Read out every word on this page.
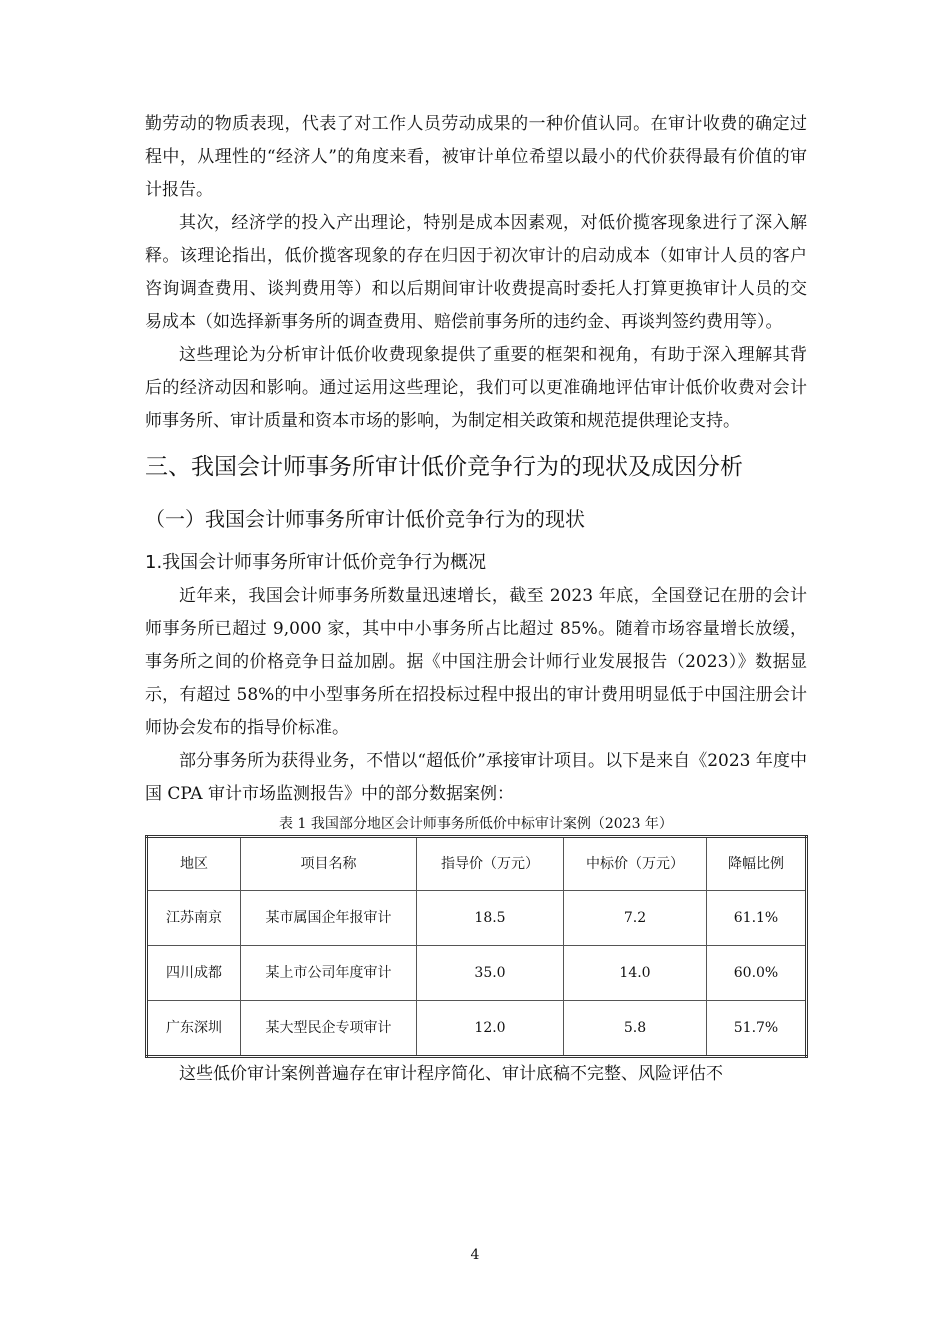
勤劳动的物质表现，代表了对工作人员劳动成果的一种价值认同。在审计收费的确定过程中，从理性的“经济人”的角度来看，被审计单位希望以最小的代价获得最有价值的审计报告。

其次，经济学的投入产出理论，特别是成本因素观，对低价揽客现象进行了深入解释。该理论指出，低价揽客现象的存在归因于初次审计的启动成本（如审计人员的客户咨询调查费用、谈判费用等）和以后期间审计收费提高时委托人打算更换审计人员的交易成本（如选择新事务所的调查费用、赔偿前事务所的违约金、再谈判签约费用等）。

这些理论为分析审计低价收费现象提供了重要的框架和视角，有助于深入理解其背后的经济动因和影响。通过运用这些理论，我们可以更准确地评估审计低价收费对会计师事务所、审计质量和资本市场的影响，为制定相关政策和规范提供理论支持。

三、我国会计师事务所审计低价竞争行为的现状及成因分析
（一）我国会计师事务所审计低价竞争行为的现状
1.我国会计师事务所审计低价竞争行为概况

近年来，我国会计师事务所数量迅速增长，截至 2023 年底，全国登记在册的会计师事务所已超过 9,000 家，其中中小事务所占比超过 85%。随着市场容量增长放缓，事务所之间的价格竞争日益加剧。据《中国注册会计师行业发展报告（2023）》数据显示，有超过 58%的中小型事务所在招投标过程中报出的审计费用明显低于中国注册会计师协会发布的指导价标准。

部分事务所为获得业务，不惜以“超低价”承接审计项目。以下是来自《2023 年度中国 CPA 审计市场监测报告》中的部分数据案例：

表 1 我国部分地区会计师事务所低价中标审计案例（2023 年）
地区	项目名称	指导价（万元）	中标价（万元）	降幅比例
江苏南京	某市属国企年报审计	18.5	7.2	61.1%
四川成都	某上市公司年度审计	35.0	14.0	60.0%
广东深圳	某大型民企专项审计	12.0	5.8	51.7%

这些低价审计案例普遍存在审计程序简化、审计底稿不完整、风险评估不

4
